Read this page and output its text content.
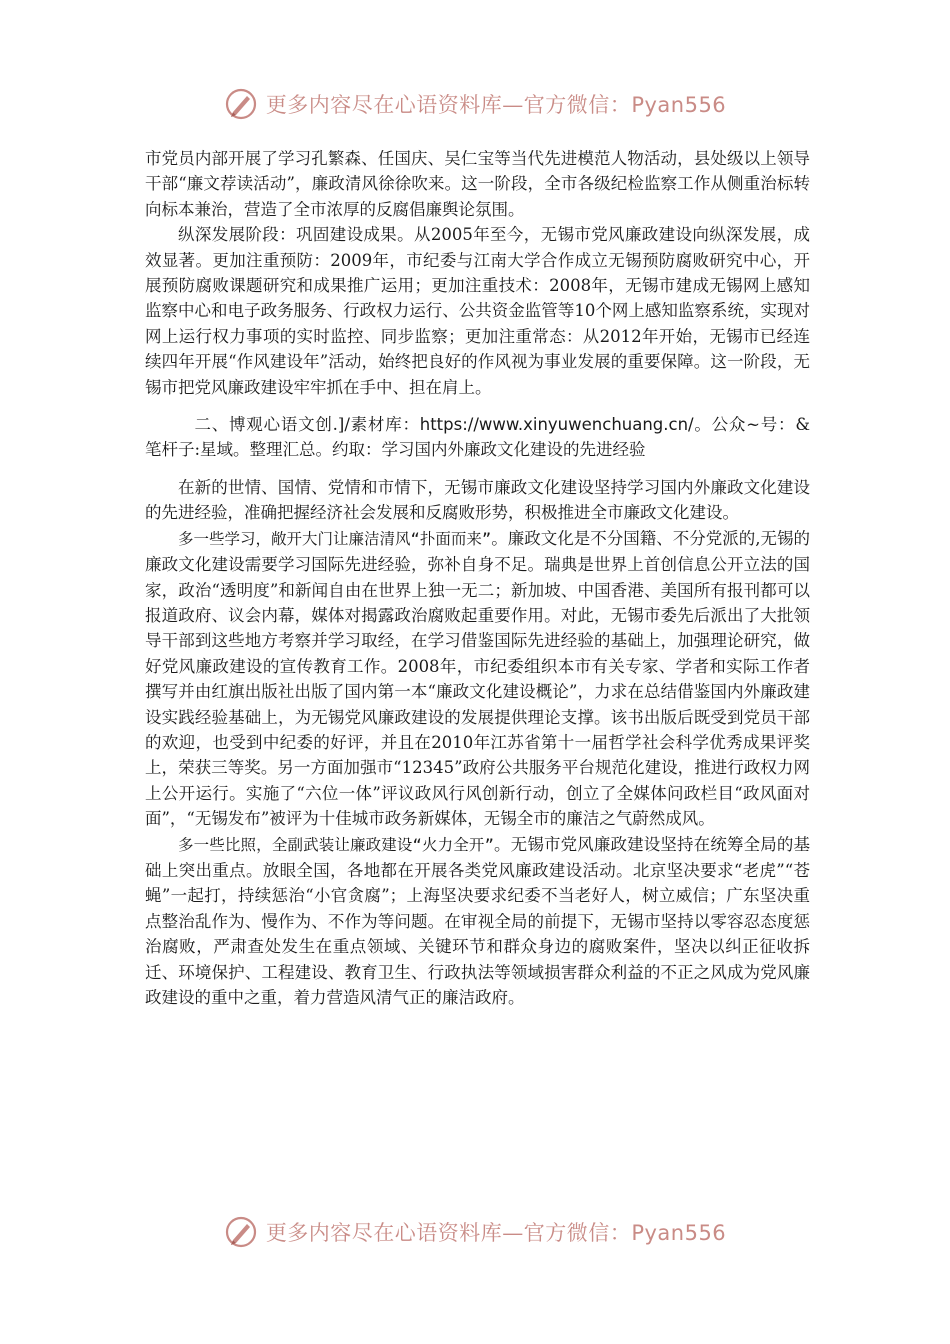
更多内容尽在心语资料库—官方微信：Pyan556

市党员内部开展了学习孔繁森、任国庆、吴仁宝等当代先进模范人物活动，县处级以上领导干部“廉文荐读活动”，廉政清风徐徐吹来。这一阶段，全市各级纪检监察工作从侧重治标转向标本兼治，营造了全市浓厚的反腐倡廉舆论氛围。

纵深发展阶段：巩固建设成果。从2005年至今，无锡市党风廉政建设向纵深发展，成效显著。更加注重预防：2009年，市纪委与江南大学合作成立无锡预防腐败研究中心，开展预防腐败课题研究和成果推广运用；更加注重技术：2008年，无锡市建成无锡网上感知监察中心和电子政务服务、行政权力运行、公共资金监管等10个网上感知监察系统，实现对网上运行权力事项的实时监控、同步监察；更加注重常态：从2012年开始，无锡市已经连续四年开展“作风建设年”活动，始终把良好的作风视为事业发展的重要保障。这一阶段，无锡市把党风廉政建设牢牢抓在手中、担在肩上。

二、博观心语文创.]/素材库：https://www.xinyuwenchuang.cn/。公众~号：&笔杆子:星域。整理汇总。约取：学习国内外廉政文化建设的先进经验

在新的世情、国情、党情和市情下，无锡市廉政文化建设坚持学习国内外廉政文化建设的先进经验，准确把握经济社会发展和反腐败形势，积极推进全市廉政文化建设。

多一些学习，敞开大门让廉洁清风“扑面而来”。廉政文化是不分国籍、不分党派的,无锡的廉政文化建设需要学习国际先进经验，弥补自身不足。瑞典是世界上首创信息公开立法的国家，政治“透明度”和新闻自由在世界上独一无二；新加坡、中国香港、美国所有报刊都可以报道政府、议会内幕，媒体对揭露政治腐败起重要作用。对此，无锡市委先后派出了大批领导干部到这些地方考察并学习取经，在学习借鉴国际先进经验的基础上，加强理论研究，做好党风廉政建设的宣传教育工作。2008年，市纪委组织本市有关专家、学者和实际工作者撰写并由红旗出版社出版了国内第一本“廉政文化建设概论”，力求在总结借鉴国内外廉政建设实践经验基础上，为无锡党风廉政建设的发展提供理论支撑。该书出版后既受到党员干部的欢迎，也受到中纪委的好评，并且在2010年江苏省第十一届哲学社会科学优秀成果评奖上，荣获三等奖。另一方面加强市“12345”政府公共服务平台规范化建设，推进行政权力网上公开运行。实施了“六位一体”评议政风行风创新行动，创立了全媒体问政栏目“政风面对面”，“无锡发布”被评为十佳城市政务新媒体，无锡全市的廉洁之气蔚然成风。

多一些比照，全副武装让廉政建设“火力全开”。无锡市党风廉政建设坚持在统筹全局的基础上突出重点。放眼全国，各地都在开展各类党风廉政建设活动。北京坚决要求“老虎”“苍蝇”一起打，持续惩治“小官贪腐”；上海坚决要求纪委不当老好人，树立威信；广东坚决重点整治乱作为、慢作为、不作为等问题。在审视全局的前提下，无锡市坚持以零容忍态度惩治腐败，严肃查处发生在重点领域、关键环节和群众身边的腐败案件，坚决以纠正征收拆迁、环境保护、工程建设、教育卫生、行政执法等领域损害群众利益的不正之风成为党风廉政建设的重中之重，着力营造风清气正的廉洁政府。

更多内容尽在心语资料库—官方微信：Pyan556
